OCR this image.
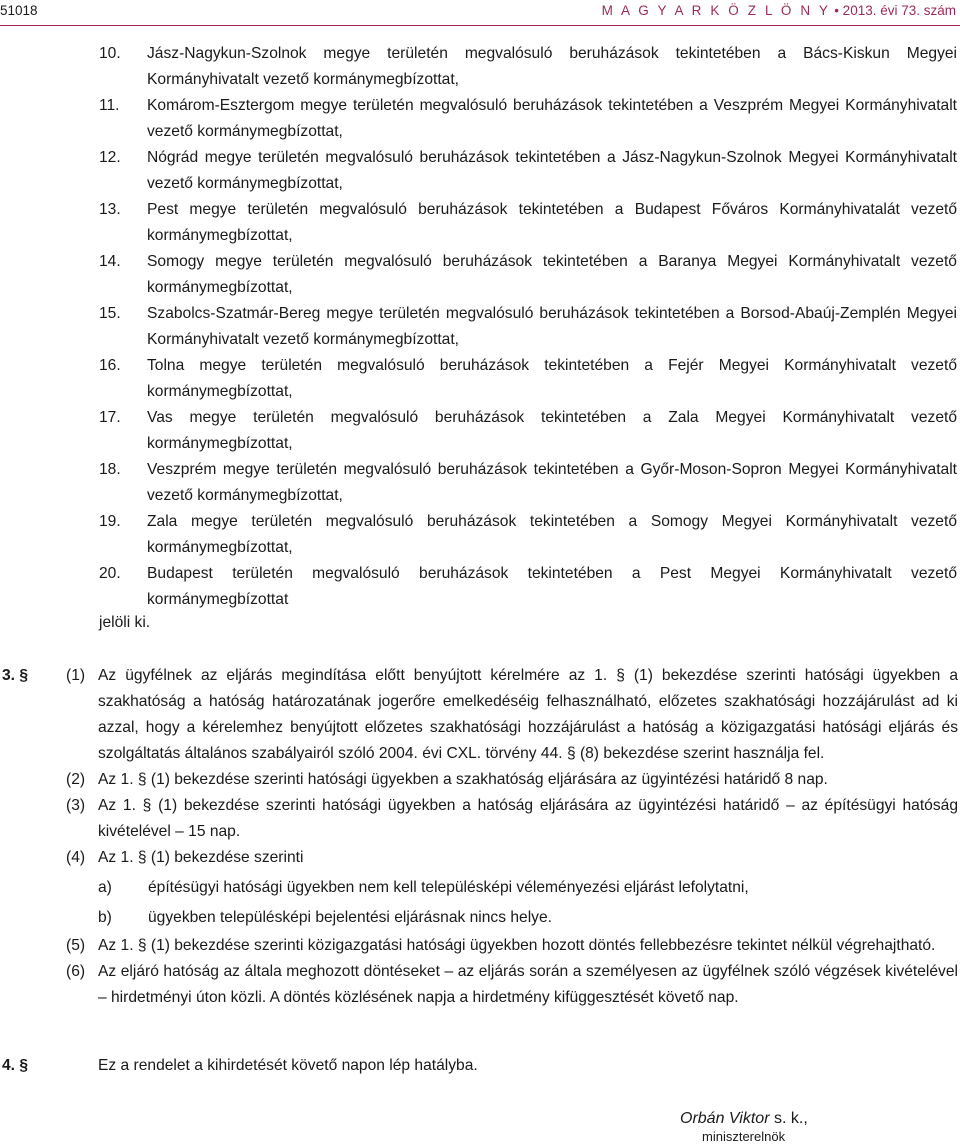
51018	M A G Y A R K Ö Z L Ö N Y • 2013. évi 73. szám
10.	Jász-Nagykun-Szolnok megye területén megvalósuló beruházások tekintetében a Bács-Kiskun Megyei Kormányhivatalt vezető kormánymegbízottat,
11.	Komárom-Esztergom megye területén megvalósuló beruházások tekintetében a Veszprém Megyei Kormányhivatalt vezető kormánymegbízottat,
12.	Nógrád megye területén megvalósuló beruházások tekintetében a Jász-Nagykun-Szolnok Megyei Kormányhivatalt vezető kormánymegbízottat,
13.	Pest megye területén megvalósuló beruházások tekintetében a Budapest Főváros Kormányhivatalát vezető kormánymegbízottat,
14.	Somogy megye területén megvalósuló beruházások tekintetében a Baranya Megyei Kormányhivatalt vezető kormánymegbízottat,
15.	Szabolcs-Szatmár-Bereg megye területén megvalósuló beruházások tekintetében a Borsod-Abaúj-Zemplén Megyei Kormányhivatalt vezető kormánymegbízottat,
16.	Tolna megye területén megvalósuló beruházások tekintetében a Fejér Megyei Kormányhivatalt vezető kormánymegbízottat,
17.	Vas megye területén megvalósuló beruházások tekintetében a Zala Megyei Kormányhivatalt vezető kormánymegbízottat,
18.	Veszprém megye területén megvalósuló beruházások tekintetében a Győr-Moson-Sopron Megyei Kormányhivatalt vezető kormánymegbízottat,
19.	Zala megye területén megvalósuló beruházások tekintetében a Somogy Megyei Kormányhivatalt vezető kormánymegbízottat,
20.	Budapest területén megvalósuló beruházások tekintetében a Pest Megyei Kormányhivatalt vezető kormánymegbízottat
jelöli ki.
3. § (1) Az ügyfélnek az eljárás megindítása előtt benyújtott kérelmére az 1. § (1) bekezdése szerinti hatósági ügyekben a szakhatóság a hatóság határozatának jogerőre emelkedéséig felhasználható, előzetes szakhatósági hozzájárulást ad ki azzal, hogy a kérelemhez benyújtott előzetes szakhatósági hozzájárulást a hatóság a közigazgatási hatósági eljárás és szolgáltatás általános szabályairól szóló 2004. évi CXL. törvény 44. § (8) bekezdése szerint használja fel.
(2) Az 1. § (1) bekezdése szerinti hatósági ügyekben a szakhatóság eljárására az ügyintézési határidő 8 nap.
(3) Az 1. § (1) bekezdése szerinti hatósági ügyekben a hatóság eljárására az ügyintézési határidő – az építésügyi hatóság kivételével – 15 nap.
(4) Az 1. § (1) bekezdése szerinti
a)	építésügyi hatósági ügyekben nem kell településképi véleményezési eljárást lefolytatni,
b)	ügyekben településképi bejelentési eljárásnak nincs helye.
(5) Az 1. § (1) bekezdése szerinti közigazgatási hatósági ügyekben hozott döntés fellebbezésre tekintet nélkül végrehajtható.
(6) Az eljáró hatóság az általa meghozott döntéseket – az eljárás során a személyesen az ügyfélnek szóló végzések kivételével – hirdetményi úton közli. A döntés közlésének napja a hirdetmény kifüggesztését követő nap.
4. §	Ez a rendelet a kihirdetését követő napon lép hatályba.
Orbán Viktor s. k.,
miniszterelnök
